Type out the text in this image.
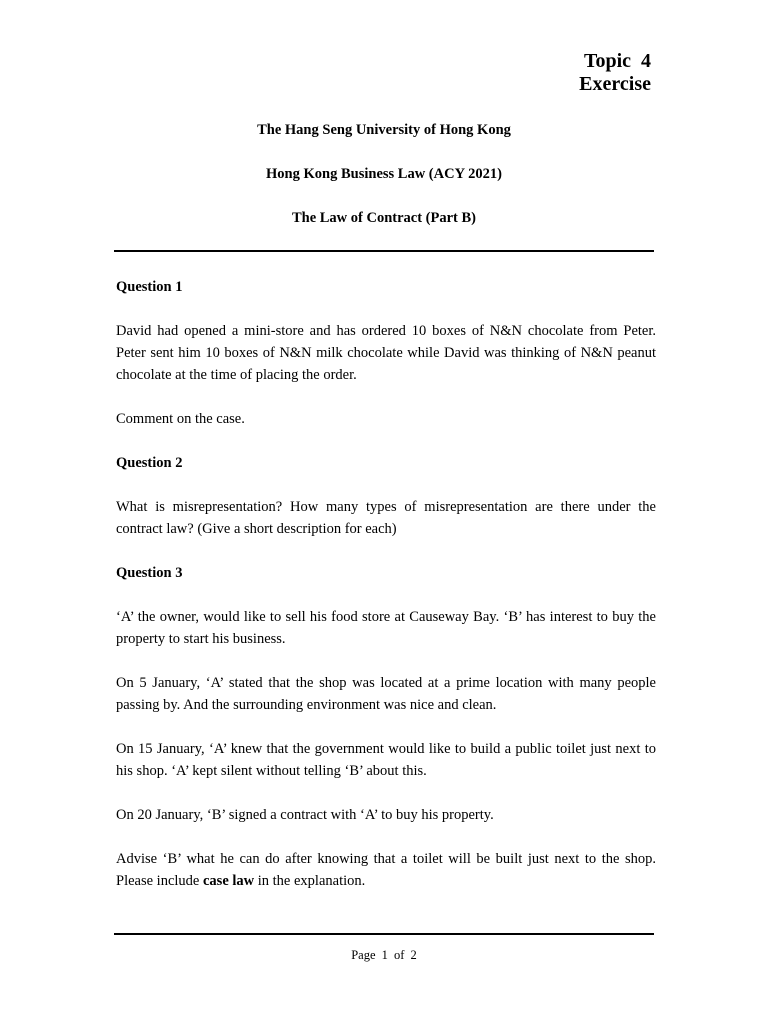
Topic  4
Exercise
The Hang Seng University of Hong Kong
Hong Kong Business Law (ACY 2021)
The Law of Contract (Part B)

Question 1

David had opened a mini-store and has ordered 10 boxes of N&N chocolate from Peter. Peter sent him 10 boxes of N&N milk chocolate while David was thinking of N&N peanut chocolate at the time of placing the order.

Comment on the case.

Question 2

What is misrepresentation? How many types of misrepresentation are there under the contract law? (Give a short description for each)

Question 3

‘A’ the owner, would like to sell his food store at Causeway Bay. ‘B’ has interest to buy the property to start his business.

On 5 January, ‘A’ stated that the shop was located at a prime location with many people passing by. And the surrounding environment was nice and clean.

On 15 January, ‘A’ knew that the government would like to build a public toilet just next to his shop. ‘A’ kept silent without telling ‘B’ about this.

On 20 January, ‘B’ signed a contract with ‘A’ to buy his property.

Advise ‘B’ what he can do after knowing that a toilet will be built just next to the shop. Please include case law in the explanation.

Page 1 of 2
